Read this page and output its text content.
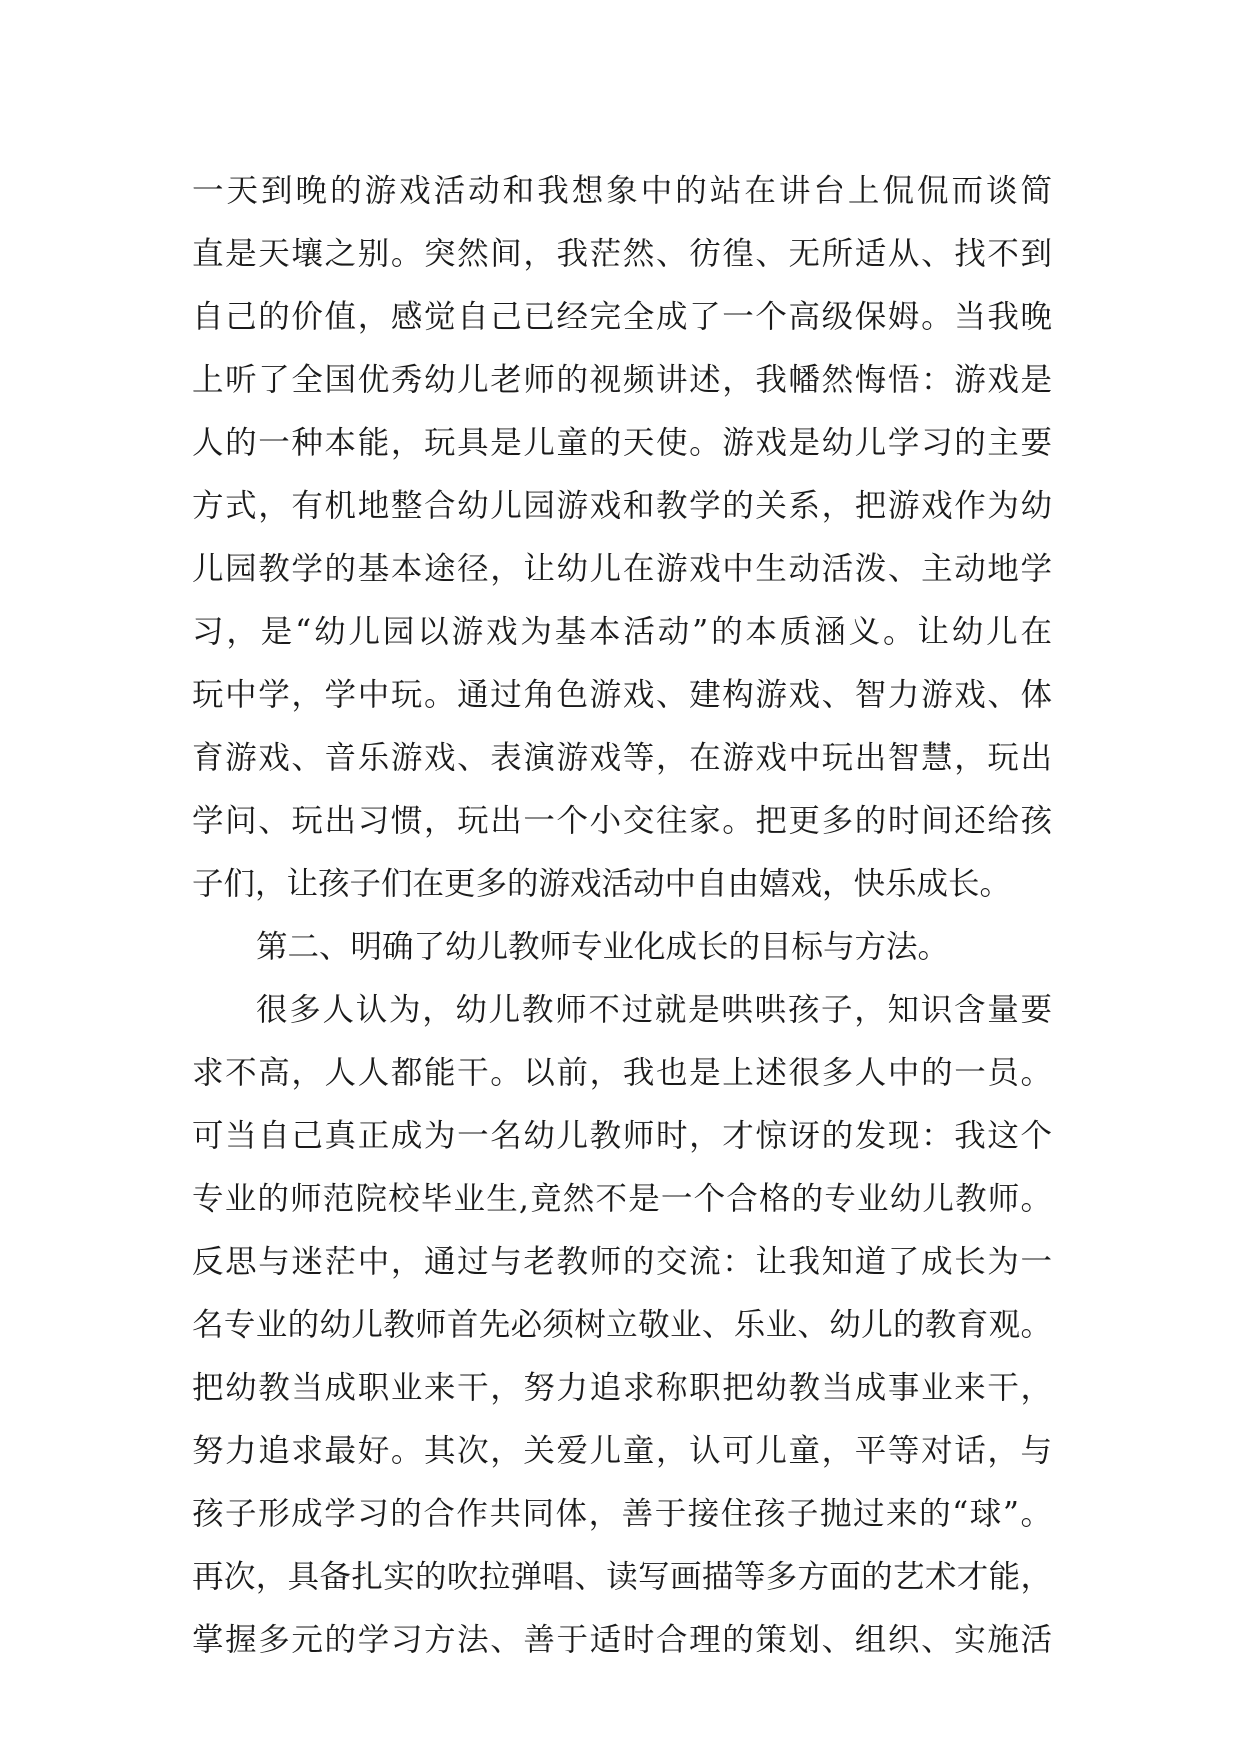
一天到晚的游戏活动和我想象中的站在讲台上侃侃而谈简
直是天壤之别。突然间，我茫然、彷徨、无所适从、找不到
自己的价值，感觉自己已经完全成了一个高级保姆。当我晚
上听了全国优秀幼儿老师的视频讲述，我幡然悔悟：游戏是
人的一种本能，玩具是儿童的天使。游戏是幼儿学习的主要
方式，有机地整合幼儿园游戏和教学的关系，把游戏作为幼
儿园教学的基本途径，让幼儿在游戏中生动活泼、主动地学
习，是“幼儿园以游戏为基本活动”的本质涵义。让幼儿在
玩中学，学中玩。通过角色游戏、建构游戏、智力游戏、体
育游戏、音乐游戏、表演游戏等，在游戏中玩出智慧，玩出
学问、玩出习惯，玩出一个小交往家。把更多的时间还给孩
子们，让孩子们在更多的游戏活动中自由嬉戏，快乐成长。
第二、明确了幼儿教师专业化成长的目标与方法。
很多人认为，幼儿教师不过就是哄哄孩子，知识含量要
求不高，人人都能干。以前，我也是上述很多人中的一员。
可当自己真正成为一名幼儿教师时，才惊讶的发现：我这个
专业的师范院校毕业生,竟然不是一个合格的专业幼儿教师。
反思与迷茫中，通过与老教师的交流：让我知道了成长为一
名专业的幼儿教师首先必须树立敬业、乐业、幼儿的教育观。
把幼教当成职业来干，努力追求称职把幼教当成事业来干，
努力追求最好。其次，关爱儿童，认可儿童，平等对话，与
孩子形成学习的合作共同体，善于接住孩子抛过来的“球”。
再次，具备扎实的吹拉弹唱、读写画描等多方面的艺术才能，
掌握多元的学习方法、善于适时合理的策划、组织、实施活
